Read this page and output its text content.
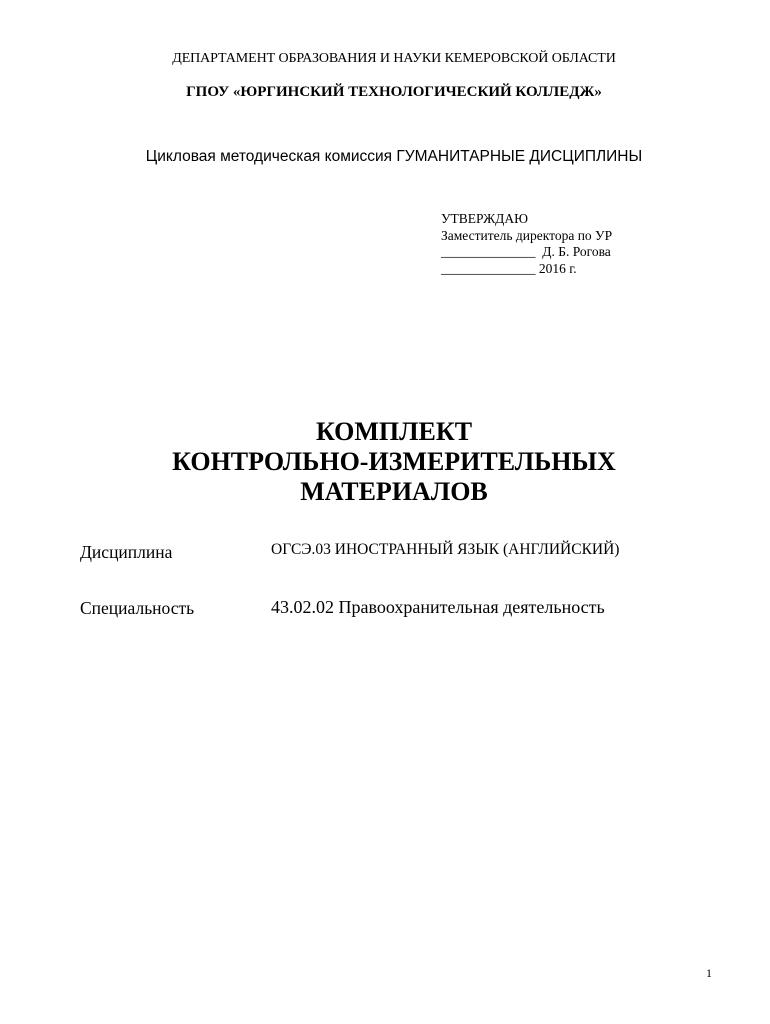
ДЕПАРТАМЕНТ ОБРАЗОВАНИЯ И НАУКИ КЕМЕРОВСКОЙ ОБЛАСТИ
ГПОУ «ЮРГИНСКИЙ ТЕХНОЛОГИЧЕСКИЙ КОЛЛЕДЖ»
Цикловая методическая комиссия ГУМАНИТАРНЫЕ ДИСЦИПЛИНЫ
УТВЕРЖДАЮ
Заместитель директора по УР
______________  Д. Б. Рогова
______________ 2016 г.
КОМПЛЕКТ
КОНТРОЛЬНО-ИЗМЕРИТЕЛЬНЫХ
МАТЕРИАЛОВ
Дисциплина	ОГСЭ.03 ИНОСТРАННЫЙ ЯЗЫК (АНГЛИЙСКИЙ)
Специальность	43.02.02 Правоохранительная деятельность
1
